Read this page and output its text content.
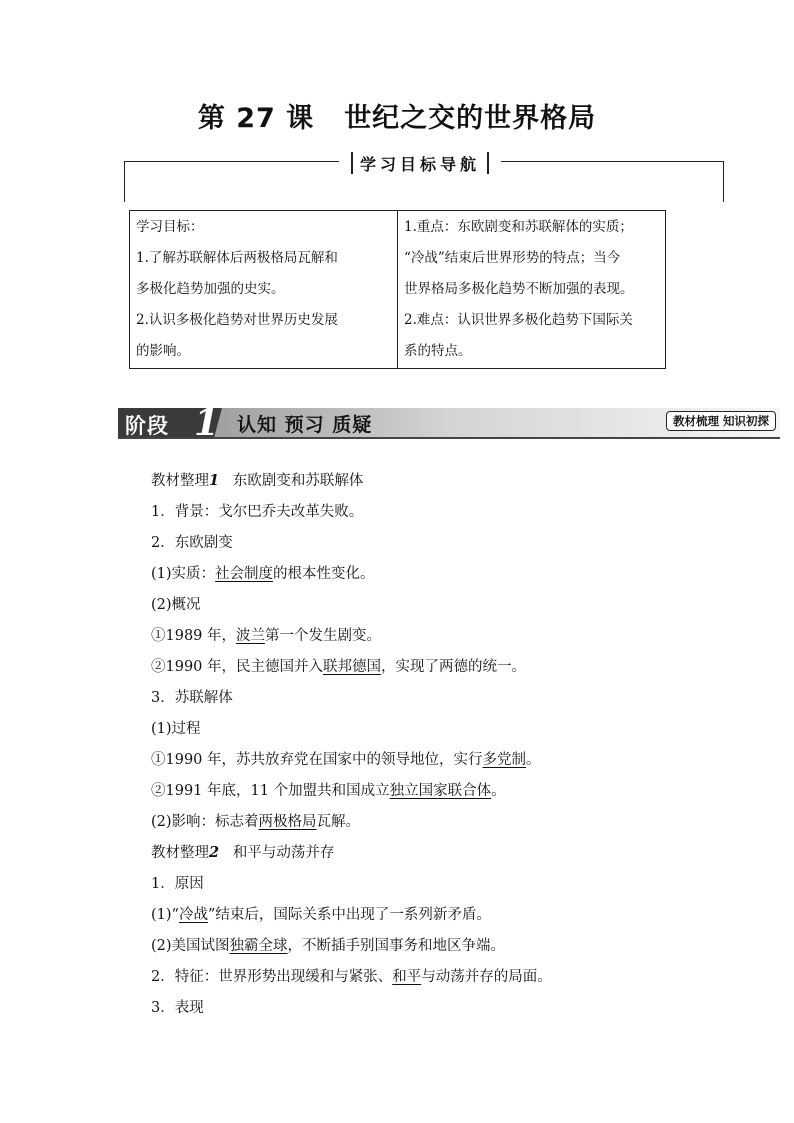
第 27 课 世纪之交的世界格局
学习目标导航
学习目标：
1.了解苏联解体后两极格局瓦解和
多极化趋势加强的史实。
2.认识多极化趋势对世界历史发展
的影响。

1.重点：东欧剧变和苏联解体的实质；
“冷战”结束后世界形势的特点；当今
世界格局多极化趋势不断加强的表现。
2.难点：认识世界多极化趋势下国际关
系的特点。
阶段 1 认知 预习 质疑	教材梳理 知识初探
教材整理1 东欧剧变和苏联解体
1．背景：戈尔巴乔夫改革失败。
2．东欧剧变
(1)实质：社会制度的根本性变化。
(2)概况
①1989 年，波兰第一个发生剧变。
②1990 年，民主德国并入联邦德国，实现了两德的统一。
3．苏联解体
(1)过程
①1990 年，苏共放弃党在国家中的领导地位，实行多党制。
②1991 年底，11 个加盟共和国成立独立国家联合体。
(2)影响：标志着两极格局瓦解。
教材整理2 和平与动荡并存
1．原因
(1)“冷战”结束后，国际关系中出现了一系列新矛盾。
(2)美国试图独霸全球，不断插手别国事务和地区争端。
2．特征：世界形势出现缓和与紧张、和平与动荡并存的局面。
3．表现
